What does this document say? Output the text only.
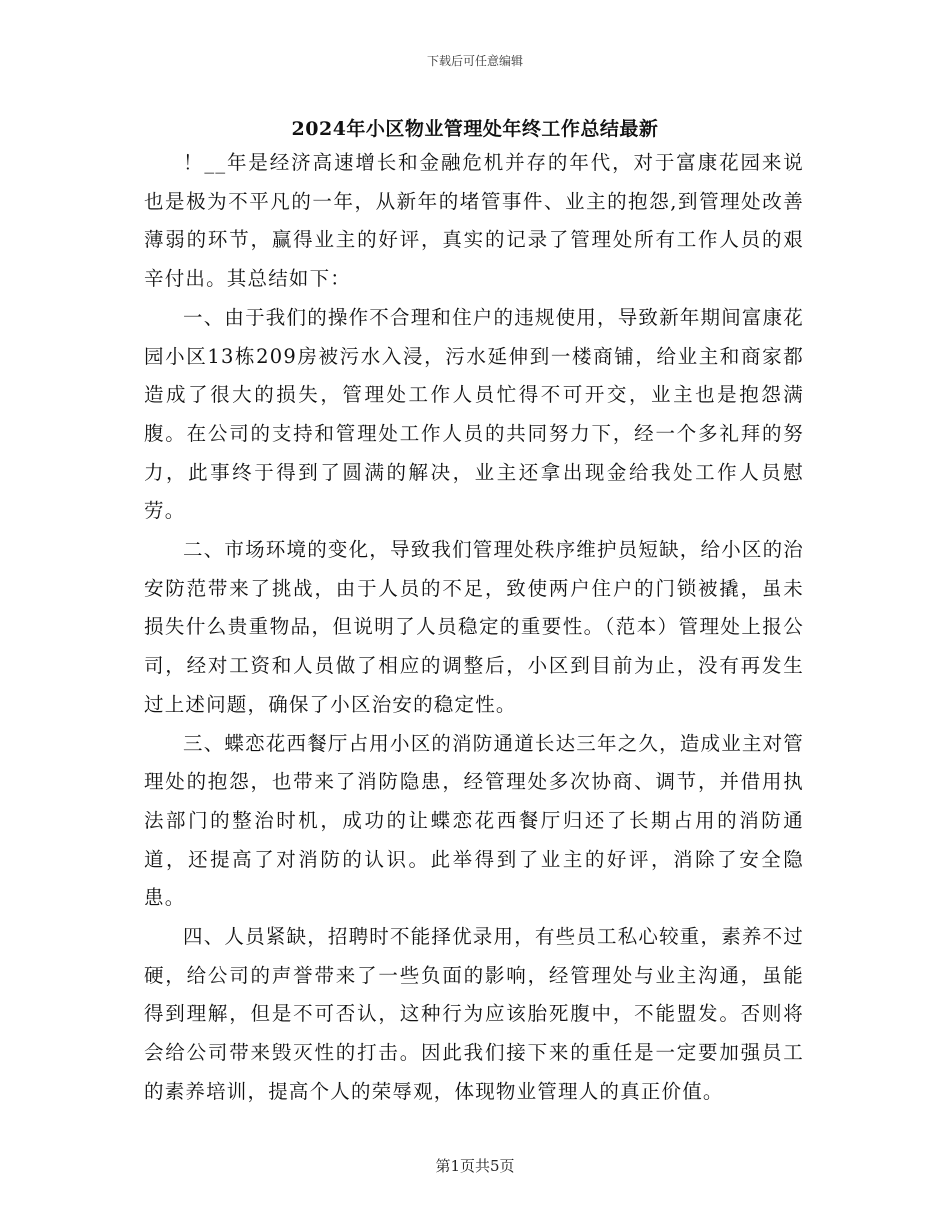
下载后可任意编辑
2024年小区物业管理处年终工作总结最新

！__年是经济高速增长和金融危机并存的年代，对于富康花园来说也是极为不平凡的一年，从新年的堵管事件、业主的抱怨,到管理处改善薄弱的环节，赢得业主的好评，真实的记录了管理处所有工作人员的艰辛付出。其总结如下：

一、由于我们的操作不合理和住户的违规使用，导致新年期间富康花园小区13栋209房被污水入浸，污水延伸到一楼商铺，给业主和商家都造成了很大的损失，管理处工作人员忙得不可开交，业主也是抱怨满腹。在公司的支持和管理处工作人员的共同努力下，经一个多礼拜的努力，此事终于得到了圆满的解决，业主还拿出现金给我处工作人员慰劳。

二、市场环境的变化，导致我们管理处秩序维护员短缺，给小区的治安防范带来了挑战，由于人员的不足，致使两户住户的门锁被撬，虽未损失什么贵重物品，但说明了人员稳定的重要性。（范本）管理处上报公司，经对工资和人员做了相应的调整后，小区到目前为止，没有再发生过上述问题，确保了小区治安的稳定性。

三、蝶恋花西餐厅占用小区的消防通道长达三年之久，造成业主对管理处的抱怨，也带来了消防隐患，经管理处多次协商、调节，并借用执法部门的整治时机，成功的让蝶恋花西餐厅归还了长期占用的消防通道，还提高了对消防的认识。此举得到了业主的好评，消除了安全隐患。

四、人员紧缺，招聘时不能择优录用，有些员工私心较重，素养不过硬，给公司的声誉带来了一些负面的影响，经管理处与业主沟通，虽能得到理解，但是不可否认，这种行为应该胎死腹中，不能盟发。否则将会给公司带来毁灭性的打击。因此我们接下来的重任是一定要加强员工的素养培训，提高个人的荣辱观，体现物业管理人的真正价值。

第1页共5页
